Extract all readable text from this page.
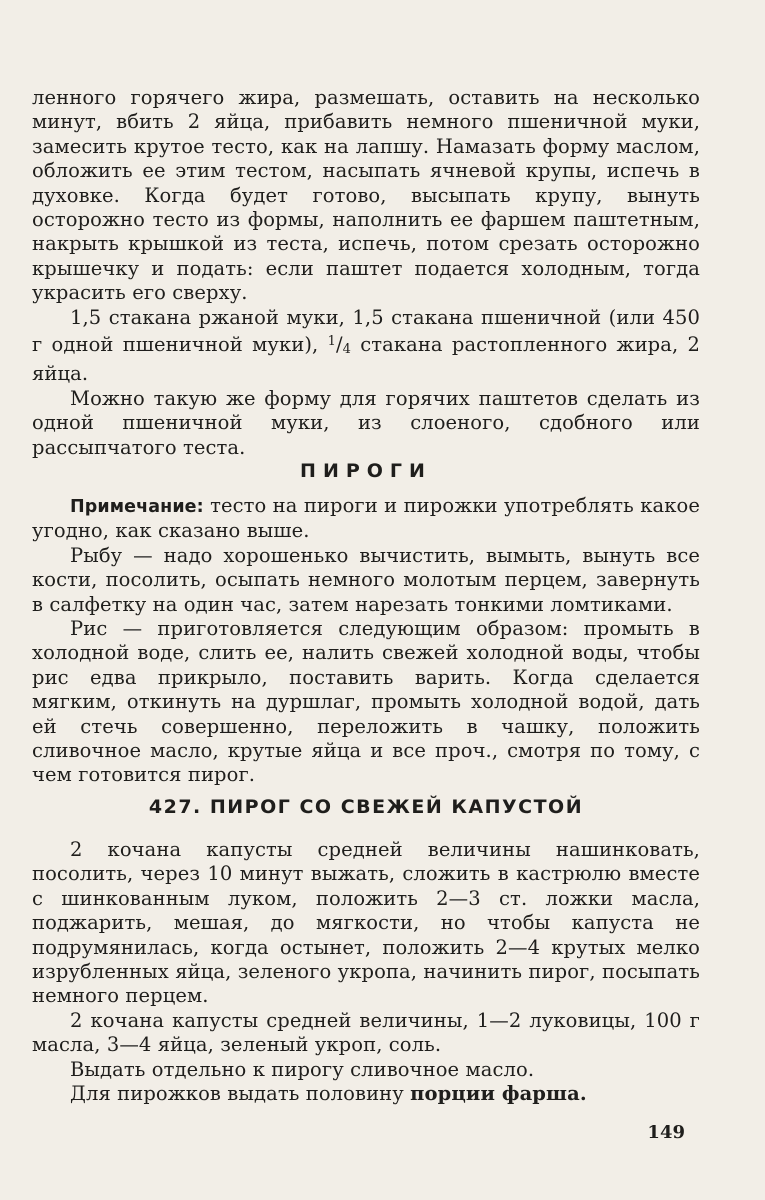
ленного горячего жира, размешать, оставить на несколько минут, вбить 2 яйца, прибавить немного пшеничной муки, замесить крутое тесто, как на лапшу. Намазать форму маслом, обложить ее этим тестом, насыпать ячневой крупы, испечь в духовке. Когда будет готово, высыпать крупу, вынуть осторожно тесто из формы, наполнить ее фаршем паштетным, накрыть крышкой из теста, испечь, потом срезать осторожно крышечку и подать: если паштет подается холодным, тогда украсить его сверху.

1,5 стакана ржаной муки, 1,5 стакана пшеничной (или 450 г одной пшеничной муки), $^1$/4 стакана растопленного жира, 2 яйца.

Можно такую же форму для горячих паштетов сделать из одной пшеничной муки, из слоеного, сдобного или рассыпчатого теста.

ПИРОГИ

Примечание: тесто на пироги и пирожки употреблять какое угодно, как сказано выше.

Рыбу — надо хорошенько вычистить, вымыть, вынуть все кости, посолить, осыпать немного молотым перцем, завернуть в салфетку на один час, затем нарезать тонкими ломтиками.

Рис — приготовляется следующим образом: промыть в холодной воде, слить ее, налить свежей холодной воды, чтобы рис едва прикрыло, поставить варить. Когда сделается мягким, откинуть на дуршлаг, промыть холодной водой, дать ей стечь совершенно, переложить в чашку, положить сливочное масло, крутые яйца и все проч., смотря по тому, с чем готовится пирог.

427. ПИРОГ СО СВЕЖЕЙ КАПУСТОЙ

2 кочана капусты средней величины нашинковать, посолить, через 10 минут выжать, сложить в кастрюлю вместе с шинкованным луком, положить 2—3 ст. ложки масла, поджарить, мешая, до мягкости, но чтобы капуста не подрумянилась, когда остынет, положить 2—4 крутых мелко изрубленных яйца, зеленого укропа, начинить пирог, посыпать немного перцем.

2 кочана капусты средней величины, 1—2 луковицы, 100 г масла, 3—4 яйца, зеленый укроп, соль.

Выдать отдельно к пирогу сливочное масло.

Для пирожков выдать половину порции фарша.

149
